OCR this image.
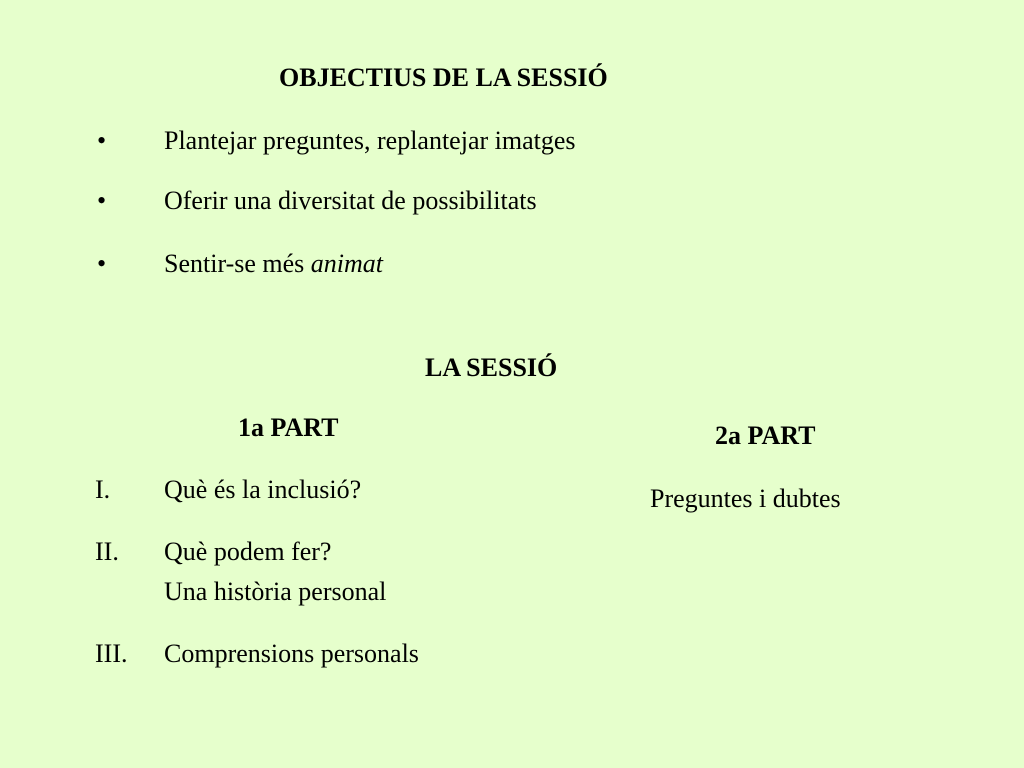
OBJECTIUS DE LA SESSIÓ
• Plantejar preguntes, replantejar imatges
• Oferir una diversitat de possibilitats
• Sentir-se més animat
LA SESSIÓ
1a PART
I. Què és la inclusió?
II. Què podem fer?
Una història personal
III. Comprensions personals
2a PART
Preguntes i dubtes
